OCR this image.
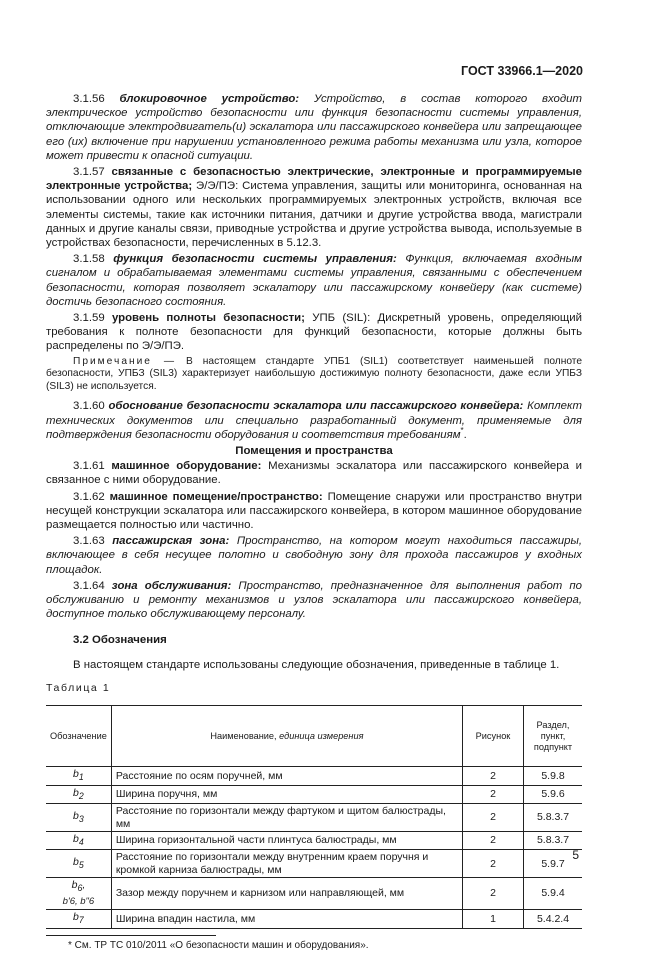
ГОСТ 33966.1—2020

3.1.56 блокировочное устройство: Устройство, в состав которого входит электрическое устройство безопасности или функция безопасности системы управления, отключающие электродвигатель(и) эскалатора или пассажирского конвейера или запрещающее его (их) включение при нарушении установленного режима работы механизма или узла, которое может привести к опасной ситуации.

3.1.57 связанные с безопасностью электрические, электронные и программируемые электронные устройства; Э/Э/ПЭ: Система управления, защиты или мониторинга, основанная на использовании одного или нескольких программируемых электронных устройств, включая все элементы системы, такие как источники питания, датчики и другие устройства ввода, магистрали данных и другие каналы связи, приводные устройства и другие устройства вывода, используемые в устройствах безопасности, перечисленных в 5.12.3.

3.1.58 функция безопасности системы управления: Функция, включаемая входным сигналом и обрабатываемая элементами системы управления, связанными с обеспечением безопасности, которая позволяет эскалатору или пассажирскому конвейеру (как системе) достичь безопасного состояния.

3.1.59 уровень полноты безопасности; УПБ (SIL): Дискретный уровень, определяющий требования к полноте безопасности для функций безопасности, которые должны быть распределены по Э/Э/ПЭ.

Примечание — В настоящем стандарте УПБ1 (SIL1) соответствует наименьшей полноте безопасности, УПБЗ (SIL3) характеризует наибольшую достижимую полноту безопасности, даже если УПБЗ (SIL3) не используется.

3.1.60 обоснование безопасности эскалатора или пассажирского конвейера: Комплект технических документов или специально разработанный документ, применяемые для подтверждения безопасности оборудования и соответствия требованиям*.

Помещения и пространства

3.1.61 машинное оборудование: Механизмы эскалатора или пассажирского конвейера и связанное с ними оборудование.

3.1.62 машинное помещение/пространство: Помещение снаружи или пространство внутри несущей конструкции эскалатора или пассажирского конвейера, в котором машинное оборудование размещается полностью или частично.

3.1.63 пассажирская зона: Пространство, на котором могут находиться пассажиры, включающее в себя несущее полотно и свободную зону для прохода пассажиров у входных площадок.

3.1.64 зона обслуживания: Пространство, предназначенное для выполнения работ по обслуживанию и ремонту механизмов и узлов эскалатора или пассажирского конвейера, доступное только обслуживающему персоналу.

3.2 Обозначения

В настоящем стандарте использованы следующие обозначения, приведенные в таблице 1.

Таблица 1

Обозначение	Наименование, единица измерения	Рисунок	Раздел, пункт, подпункт
$b_1$	Расстояние по осям поручней, мм	2	5.9.8
$b_2$	Ширина поручня, мм	2	5.9.6
$b_3$	Расстояние по горизонтали между фартуком и щитом балюстрады, мм	2	5.8.3.7
$b_4$	Ширина горизонтальной части плинтуса балюстрады, мм	2	5.8.3.7
$b_5$	Расстояние по горизонтали между внутренним краем поручня и кромкой карниза балюстрады, мм	2	5.9.7
$b_6$,
b'6, b"6	Зазор между поручнем и карнизом или направляющей, мм	2	5.9.4
$b_7$	Ширина впадин настила, мм	1	5.4.2.4

* См. ТР ТС 010/2011 «О безопасности машин и оборудования».

5
